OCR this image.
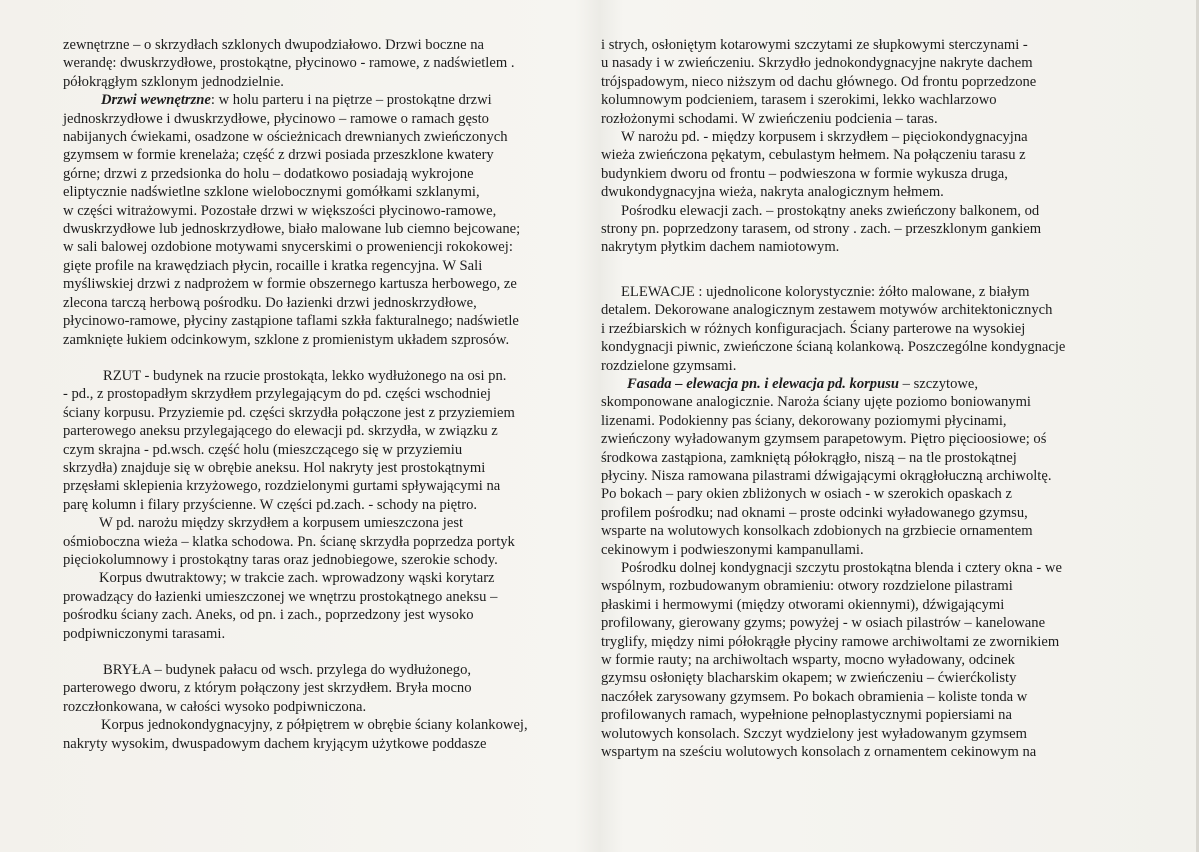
zewnętrzne – o skrzydłach szklonych dwupodziałowo. Drzwi boczne na
werandę: dwuskrzydłowe, prostokątne, płycinowo - ramowe, z nadświetlem .
półokrągłym szklonym jednodzielnie.
Drzwi wewnętrzne: w holu parteru i na piętrze – prostokątne drzwi
jednoskrzydłowe i dwuskrzydłowe, płycinowo – ramowe o ramach gęsto
nabijanych ćwiekami, osadzone w ościeżnicach drewnianych zwieńczonych
gzymsem w formie krenelaża; część z drzwi posiada przeszklone kwatery
górne; drzwi z przedsionka do holu – dodatkowo posiadają wykrojone
eliptycznie nadświetlne szklone wielobocznymi gomółkami szklanymi,
w części witrażowymi. Pozostałe drzwi w większości płycinowo-ramowe,
dwuskrzydłowe lub jednoskrzydłowe, biało malowane lub ciemno bejcowane;
w sali balowej ozdobione motywami snycerskimi o proweniencji rokokowej:
gięte profile na krawędziach płycin, rocaille i kratka regencyjna. W Sali
myśliwskiej drzwi z nadprożem w formie obszernego kartusza herbowego, ze
zlecona tarczą herbową pośrodku. Do łazienki drzwi jednoskrzydłowe,
płycinowo-ramowe, płyciny zastąpione taflami szkła fakturalnego; nadświetle
zamknięte łukiem odcinkowym, szklone z promienistym układem szprosów.
RZUT - budynek na rzucie prostokąta, lekko wydłużonego na osi pn.
- pd., z prostopadłym skrzydłem przylegającym do pd. części wschodniej
ściany korpusu. Przyziemie pd. części skrzydła połączone jest z przyziemiem
parterowego aneksu przylegającego do elewacji pd. skrzydła, w związku z
czym skrajna - pd.wsch. część holu (mieszczącego się w przyziemiu
skrzydła) znajduje się w obrębie aneksu. Hol nakryty jest prostokątnymi
przęsłami sklepienia krzyżowego, rozdzielonymi gurtami spływającymi na
parę kolumn i filary przyścienne. W części pd.zach. - schody na piętro.
W pd. narożu między skrzydłem a korpusem umieszczona jest
ośmioboczna wieża – klatka schodowa. Pn. ścianę skrzydła poprzedza portyk
pięciokolumnowy i prostokątny taras oraz jednobiegowe, szerokie schody.
Korpus dwutraktowy; w trakcie zach. wprowadzony wąski korytarz
prowadzący do łazienki umieszczonej we wnętrzu prostokątnego aneksu –
pośrodku ściany zach. Aneks, od pn. i zach., poprzedzony jest wysoko
podpiwniczonymi tarasami.
BRYŁA – budynek pałacu od wsch. przylega do wydłużonego,
parterowego dworu, z którym połączony jest skrzydłem. Bryła mocno
rozczłonkowana, w całości wysoko podpiwniczona.
Korpus jednokondygnacyjny, z półpiętrem w obrębie ściany kolankowej,
nakryty wysokim, dwuspadowym dachem kryjącym użytkowe poddasze
i strych, osłoniętym kotarowymi szczytami ze słupkowymi sterczynami -
u nasady i w zwieńczeniu. Skrzydło jednokondygnacyjne nakryte dachem
trójspadowym, nieco niższym od dachu głównego. Od frontu poprzedzone
kolumnowym podcieniem, tarasem i szerokimi, lekko wachlarzowo
rozłożonymi schodami. W zwieńczeniu podcienia – taras.
W narożu pd. - między korpusem i skrzydłem – pięciokondygnacyjna
wieża zwieńczona pękatym, cebulastym hełmem. Na połączeniu tarasu z
budynkiem dworu od frontu – podwieszona w formie wykusza druga,
dwukondygnacyjna wieża, nakryta analogicznym hełmem.
Pośrodku elewacji zach. – prostokątny aneks zwieńczony balkonem, od
strony pn. poprzedzony tarasem, od strony . zach. – przeszklonym gankiem
nakrytym płytkim dachem namiotowym.
ELEWACJE : ujednolicone kolorystycznie: żółto malowane, z białym
detalem. Dekorowane analogicznym zestawem motywów architektonicznych
i rzeźbiarskich w różnych konfiguracjach. Ściany parterowe na wysokiej
kondygnacji piwnic, zwieńczone ścianą kolankową. Poszczególne kondygnacje
rozdzielone gzymsami.
Fasada – elewacja pn. i elewacja pd. korpusu – szczytowe,
skomponowane analogicznie. Naroża ściany ujęte poziomo boniowanymi
lizenami. Podokienny pas ściany, dekorowany poziomymi płycinami,
zwieńczony wyładowanym gzymsem parapetowym. Piętro pięcioosiowe; oś
środkowa zastąpiona, zamkniętą półokrągło, niszą – na tle prostokątnej
płyciny. Nisza ramowana pilastrami dźwigającymi okrągłołuczną archiwoltę.
Po bokach – pary okien zbliżonych w osiach - w szerokich opaskach z
profilem pośrodku; nad oknami – proste odcinki wyładowanego gzymsu,
wsparte na wolutowych konsolkach zdobionych na grzbiecie ornamentem
cekinowym i podwieszonymi kampanullami.
Pośrodku dolnej kondygnacji szczytu prostokątna blenda i cztery okna - we
wspólnym, rozbudowanym obramieniu: otwory rozdzielone pilastrami
płaskimi i hermowymi (między otworami okiennymi), dźwigającymi
profilowany, gierowany gzyms; powyżej - w osiach pilastrów – kanelowane
tryglify, między nimi półokrągłe płyciny ramowe archiwoltami ze zwornikiem
w formie rauty; na archiwoltach wsparty, mocno wyładowany, odcinek
gzymsu osłonięty blacharskim okapem; w zwieńczeniu – ćwierćkolisty
naczółek zarysowany gzymsem. Po bokach obramienia – koliste tonda w
profilowanych ramach, wypełnione pełnoplastycznymi popiersiami na
wolutowych konsolach. Szczyt wydzielony jest wyładowanym gzymsem
wspartym na sześciu wolutowych konsolach z ornamentem cekinowym na
